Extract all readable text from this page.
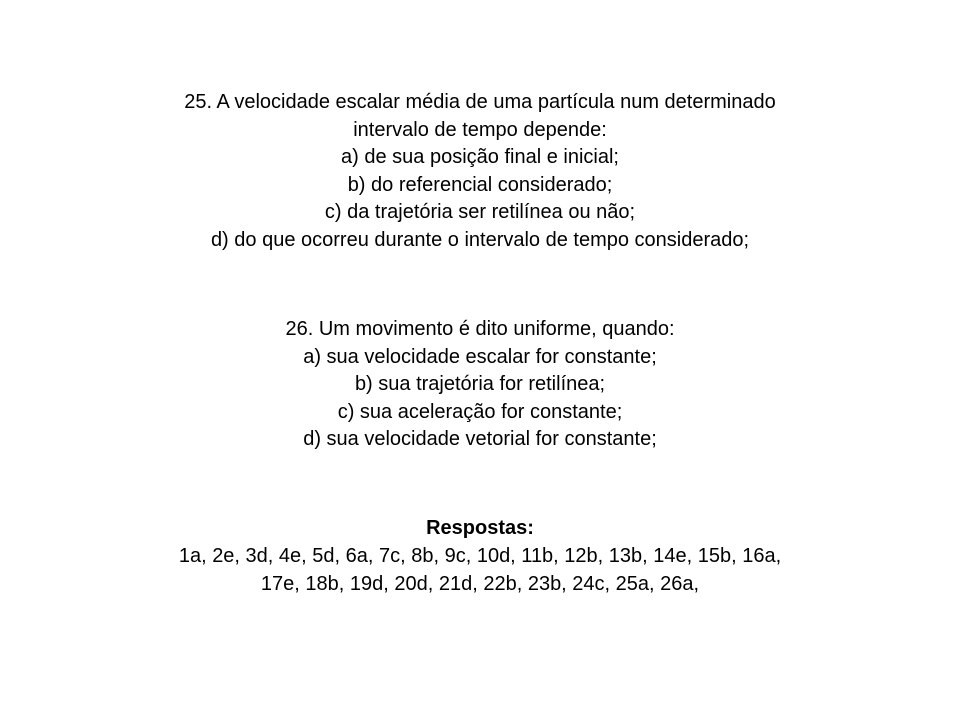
25. A velocidade escalar média de uma partícula num determinado
intervalo de tempo depende:
a) de sua posição final e inicial;
b) do referencial considerado;
c) da trajetória ser retilínea ou não;
d) do que ocorreu durante o intervalo de tempo considerado;
26. Um movimento é dito uniforme, quando:
a) sua velocidade escalar for constante;
b) sua trajetória for retilínea;
c) sua aceleração for constante;
d) sua velocidade vetorial for constante;
Respostas:
1a, 2e, 3d, 4e, 5d, 6a, 7c, 8b, 9c, 10d, 11b, 12b, 13b, 14e, 15b, 16a,
17e, 18b, 19d, 20d, 21d, 22b, 23b, 24c, 25a, 26a,
